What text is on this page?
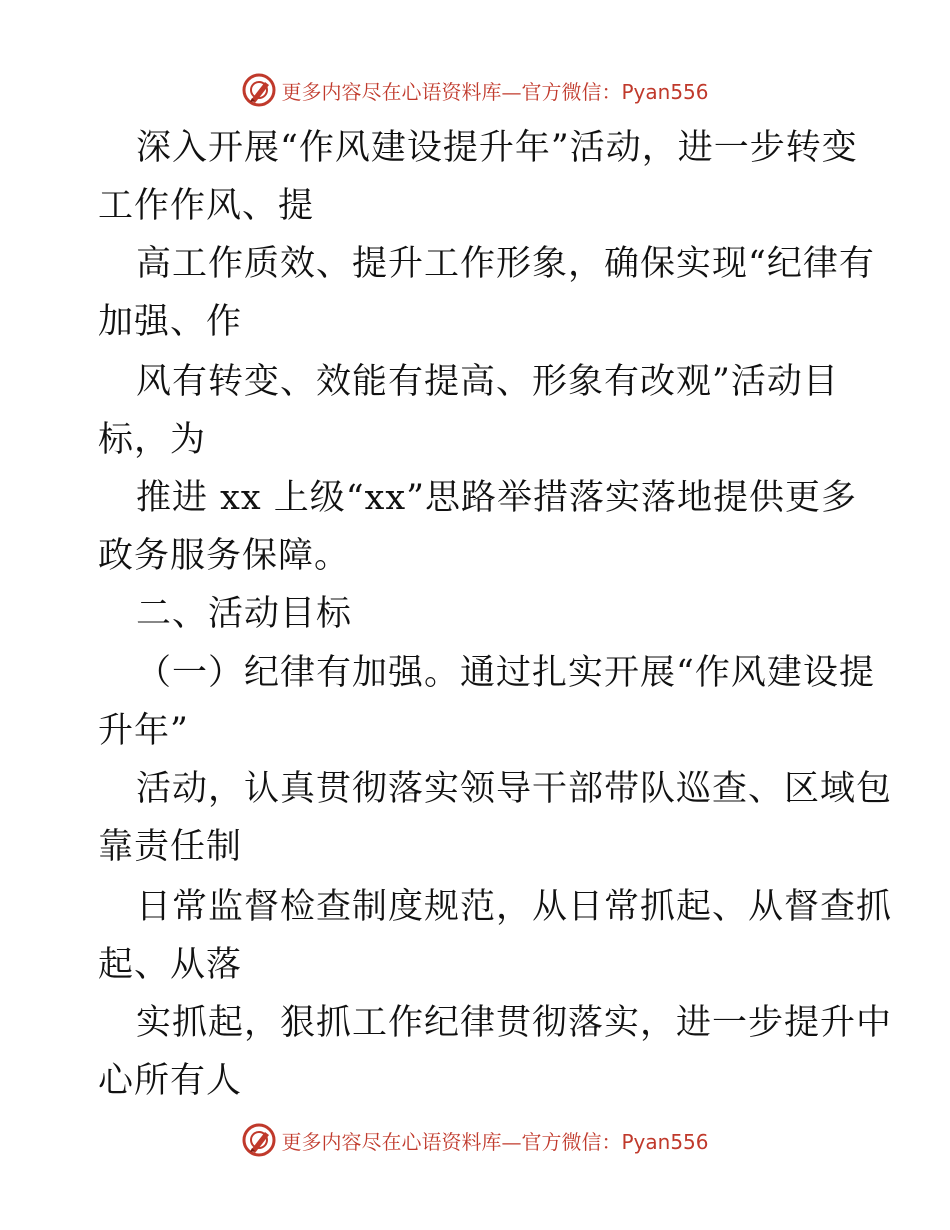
更多内容尽在心语资料库—官方微信：Pyan556
深入开展“作风建设提升年”活动，进一步转变
工作作风、提
高工作质效、提升工作形象，确保实现“纪律有
加强、作
风有转变、效能有提高、形象有改观”活动目
标，为
推进 xx 上级“xx”思路举措落实落地提供更多
政务服务保障。
二、活动目标
（一）纪律有加强。通过扎实开展“作风建设提
升年”
活动，认真贯彻落实领导干部带队巡查、区域包
靠责任制
日常监督检查制度规范，从日常抓起、从督查抓
起、从落
实抓起，狠抓工作纪律贯彻落实，进一步提升中
心所有人
更多内容尽在心语资料库—官方微信：Pyan556
